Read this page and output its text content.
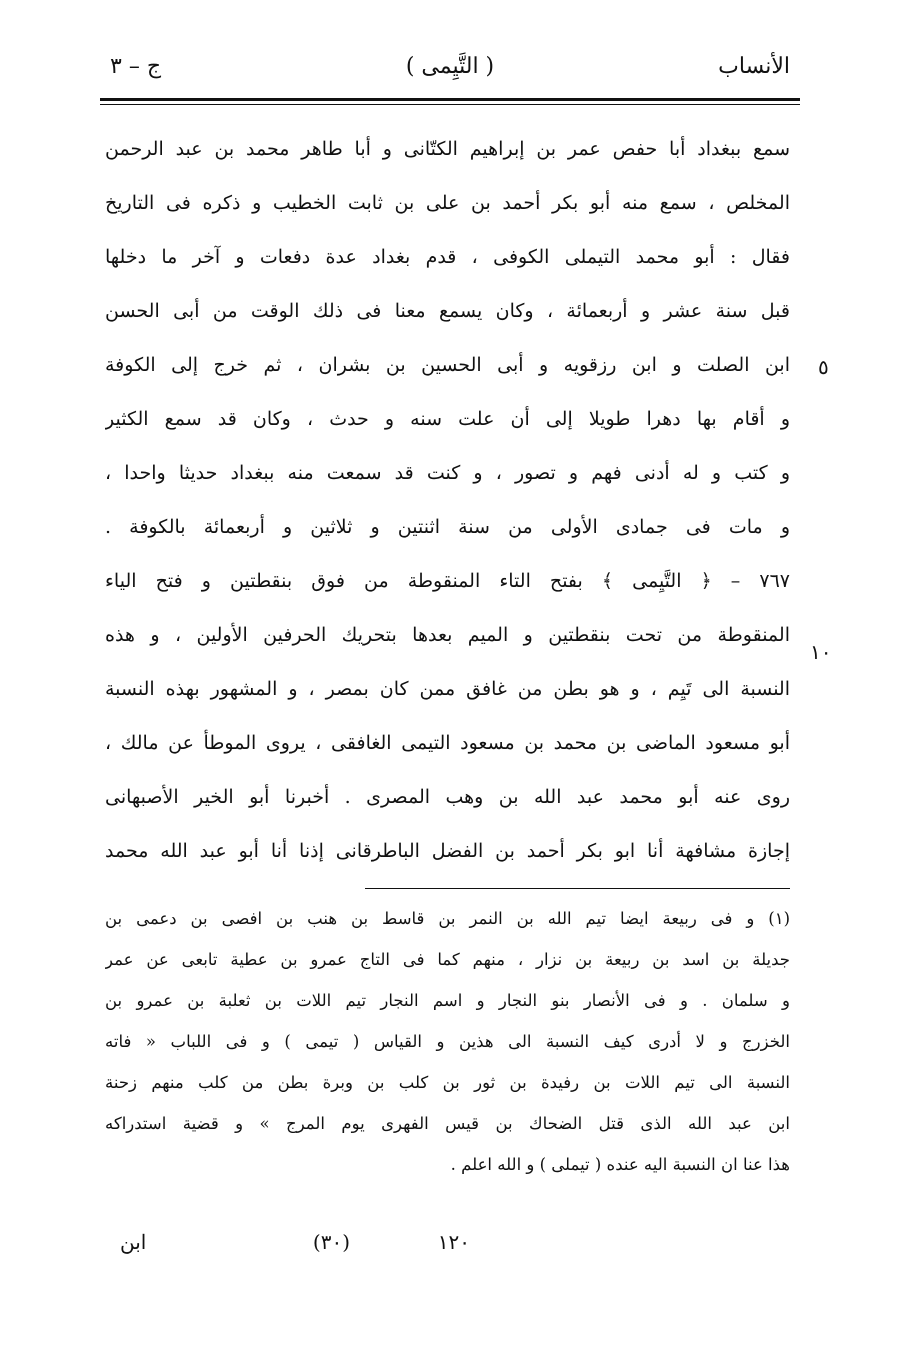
الأنساب
( التَّيِمى )
ج – ٣
٥
١٠
سمع ببغداد أبا حفص عمر بن إبراهيم الكتّانى و أبا طاهر محمد بن عبد الرحمن
المخلص ، سمع منه أبو بكر أحمد بن على بن ثابت الخطيب و ذكره فى التاريخ
فقال : أبو محمد التيملى الكوفى ، قدم بغداد عدة دفعات و آخر ما دخلها
قبل سنة عشر و أربعمائة ، وكان يسمع معنا فى ذلك الوقت من أبى الحسن
ابن الصلت و ابن رزقويه و أبى الحسين بن بشران ، ثم خرج إلى الكوفة
و أقام بها دهرا طويلا إلى أن علت سنه و حدث ، وكان قد سمع الكثير
و كتب و له أدنى فهم و تصور ، و كنت قد سمعت منه ببغداد حديثا واحدا ،
و مات فى جمادى الأولى من سنة اثنتين و ثلاثين و أربعمائة بالكوفة .
٧٦٧ – ﴿ التَّيِمى ﴾ بفتح التاء المنقوطة من فوق بنقطتين و فتح الياء
المنقوطة من تحت بنقطتين و الميم بعدها بتحريك الحرفين الأولين ، و هذه
النسبة الى تَيِم ، و هو بطن من غافق ممن كان بمصر ، و المشهور بهذه النسبة
أبو مسعود الماضى بن محمد بن مسعود التيمى الغافقى ، يروى الموطأ عن مالك ،
روى عنه أبو محمد عبد الله بن وهب المصرى . أخبرنا أبو الخير الأصبهانى
إجازة مشافهة أنا ابو بكر أحمد بن الفضل الباطرقانى إذنا أنا أبو عبد الله محمد
(١) و فى ربيعة ايضا تيم الله بن النمر بن قاسط بن هنب بن افصى بن دعمى بن
جديلة بن اسد بن ربيعة بن نزار ، منهم كما فى التاج عمرو بن عطية تابعى عن عمر
و سلمان . و فى الأنصار بنو النجار و اسم النجار تيم اللات بن ثعلبة بن عمرو بن
الخزرج و لا أدرى كيف النسبة الى هذين و القياس ( تيمى ) و فى اللباب « فاته
النسبة الى تيم اللات بن رفيدة بن ثور بن كلب بن وبرة بطن من كلب منهم زحنة
ابن عبد الله الذى قتل الضحاك بن قيس الفهرى يوم المرج » و قضية استدراكه
هذا عنا ان النسبة اليه عنده ( تيملى ) و الله اعلم .
١٢٠
(٣٠)
ابن
